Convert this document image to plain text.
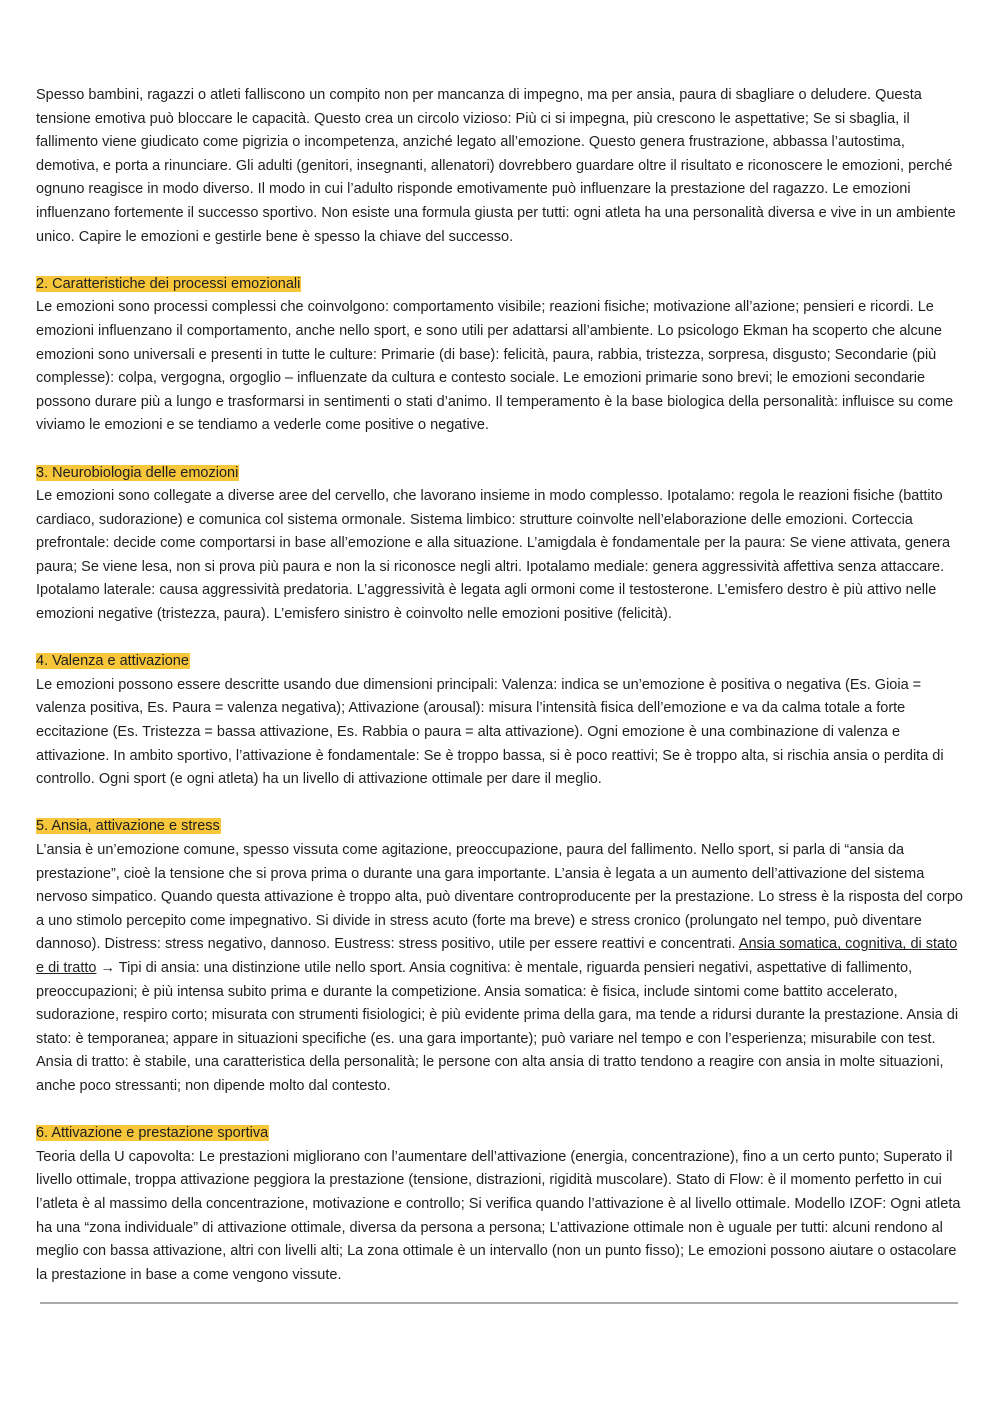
Spesso bambini, ragazzi o atleti falliscono un compito non per mancanza di impegno, ma per ansia, paura di sbagliare o deludere. Questa tensione emotiva può bloccare le capacità. Questo crea un circolo vizioso: Più ci si impegna, più crescono le aspettative; Se si sbaglia, il fallimento viene giudicato come pigrizia o incompetenza, anziché legato all’emozione. Questo genera frustrazione, abbassa l’autostima, demotiva, e porta a rinunciare. Gli adulti (genitori, insegnanti, allenatori) dovrebbero guardare oltre il risultato e riconoscere le emozioni, perché ognuno reagisce in modo diverso. Il modo in cui l’adulto risponde emotivamente può influenzare la prestazione del ragazzo. Le emozioni influenzano fortemente il successo sportivo. Non esiste una formula giusta per tutti: ogni atleta ha una personalità diversa e vive in un ambiente unico. Capire le emozioni e gestirle bene è spesso la chiave del successo.

2. Caratteristiche dei processi emozionali

Le emozioni sono processi complessi che coinvolgono: comportamento visibile; reazioni fisiche; motivazione all’azione; pensieri e ricordi. Le emozioni influenzano il comportamento, anche nello sport, e sono utili per adattarsi all’ambiente. Lo psicologo Ekman ha scoperto che alcune emozioni sono universali e presenti in tutte le culture: Primarie (di base): felicità, paura, rabbia, tristezza, sorpresa, disgusto; Secondarie (più complesse): colpa, vergogna, orgoglio – influenzate da cultura e contesto sociale. Le emozioni primarie sono brevi; le emozioni secondarie possono durare più a lungo e trasformarsi in sentimenti o stati d’animo. Il temperamento è la base biologica della personalità: influisce su come viviamo le emozioni e se tendiamo a vederle come positive o negative.

3. Neurobiologia delle emozioni

Le emozioni sono collegate a diverse aree del cervello, che lavorano insieme in modo complesso. Ipotalamo: regola le reazioni fisiche (battito cardiaco, sudorazione) e comunica col sistema ormonale. Sistema limbico: strutture coinvolte nell’elaborazione delle emozioni. Corteccia prefrontale: decide come comportarsi in base all’emozione e alla situazione. L’amigdala è fondamentale per la paura: Se viene attivata, genera paura; Se viene lesa, non si prova più paura e non la si riconosce negli altri. Ipotalamo mediale: genera aggressività affettiva senza attaccare. Ipotalamo laterale: causa aggressività predatoria. L’aggressività è legata agli ormoni come il testosterone. L’emisfero destro è più attivo nelle emozioni negative (tristezza, paura). L’emisfero sinistro è coinvolto nelle emozioni positive (felicità).

4. Valenza e attivazione

Le emozioni possono essere descritte usando due dimensioni principali: Valenza: indica se un’emozione è positiva o negativa (Es. Gioia = valenza positiva, Es. Paura = valenza negativa); Attivazione (arousal): misura l’intensità fisica dell’emozione e va da calma totale a forte eccitazione (Es. Tristezza = bassa attivazione, Es. Rabbia o paura = alta attivazione). Ogni emozione è una combinazione di valenza e attivazione. In ambito sportivo, l’attivazione è fondamentale: Se è troppo bassa, si è poco reattivi; Se è troppo alta, si rischia ansia o perdita di controllo. Ogni sport (e ogni atleta) ha un livello di attivazione ottimale per dare il meglio.

5. Ansia, attivazione e stress

L’ansia è un’emozione comune, spesso vissuta come agitazione, preoccupazione, paura del fallimento. Nello sport, si parla di “ansia da prestazione”, cioè la tensione che si prova prima o durante una gara importante. L’ansia è legata a un aumento dell’attivazione del sistema nervoso simpatico. Quando questa attivazione è troppo alta, può diventare controproducente per la prestazione. Lo stress è la risposta del corpo a uno stimolo percepito come impegnativo. Si divide in stress acuto (forte ma breve) e stress cronico (prolungato nel tempo, può diventare dannoso). Distress: stress negativo, dannoso. Eustress: stress positivo, utile per essere reattivi e concentrati. Ansia somatica, cognitiva, di stato e di tratto → Tipi di ansia: una distinzione utile nello sport. Ansia cognitiva: è mentale, riguarda pensieri negativi, aspettative di fallimento, preoccupazioni; è più intensa subito prima e durante la competizione. Ansia somatica: è fisica, include sintomi come battito accelerato, sudorazione, respiro corto; misurata con strumenti fisiologici; è più evidente prima della gara, ma tende a ridursi durante la prestazione. Ansia di stato: è temporanea; appare in situazioni specifiche (es. una gara importante); può variare nel tempo e con l’esperienza; misurabile con test. Ansia di tratto: è stabile, una caratteristica della personalità; le persone con alta ansia di tratto tendono a reagire con ansia in molte situazioni, anche poco stressanti; non dipende molto dal contesto.

6. Attivazione e prestazione sportiva

Teoria della U capovolta: Le prestazioni migliorano con l’aumentare dell’attivazione (energia, concentrazione), fino a un certo punto; Superato il livello ottimale, troppa attivazione peggiora la prestazione (tensione, distrazioni, rigidità muscolare). Stato di Flow: è il momento perfetto in cui l’atleta è al massimo della concentrazione, motivazione e controllo; Si verifica quando l’attivazione è al livello ottimale. Modello IZOF: Ogni atleta ha una “zona individuale” di attivazione ottimale, diversa da persona a persona; L’attivazione ottimale non è uguale per tutti: alcuni rendono al meglio con bassa attivazione, altri con livelli alti; La zona ottimale è un intervallo (non un punto fisso); Le emozioni possono aiutare o ostacolare la prestazione in base a come vengono vissute.
